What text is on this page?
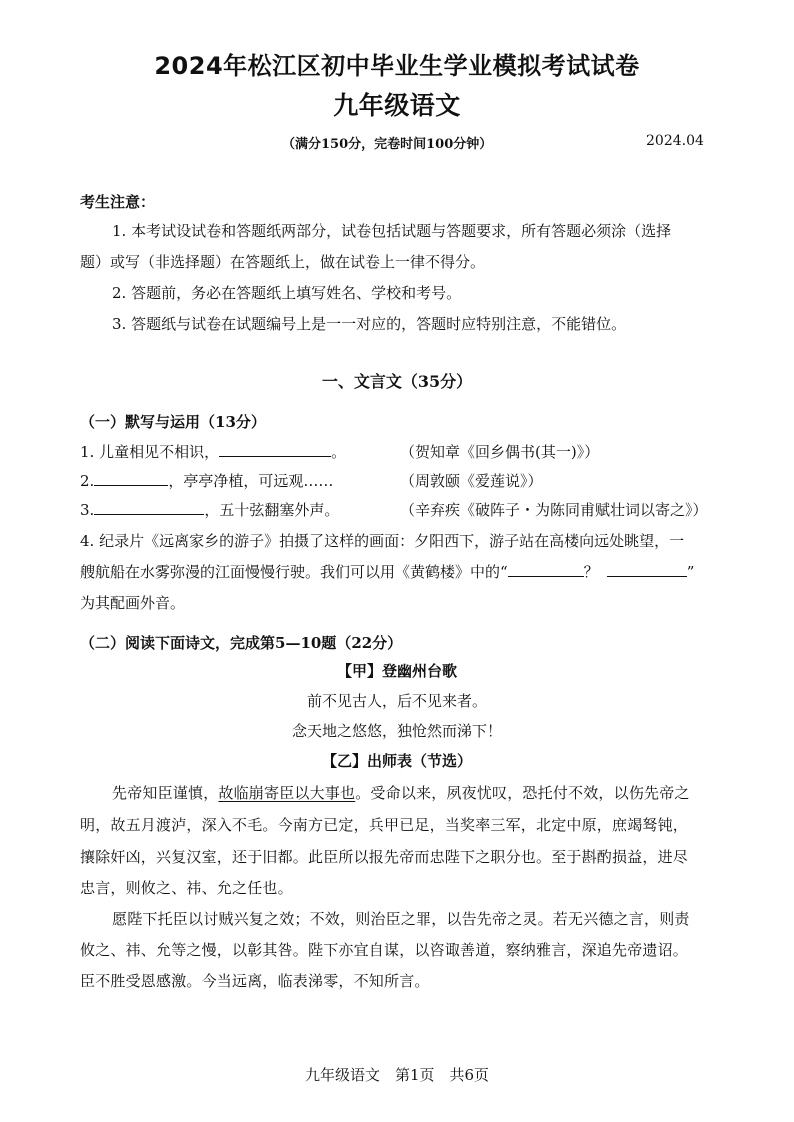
2024年松江区初中毕业生学业模拟考试试卷
九年级语文
（满分150分，完卷时间100分钟）	2024.04
考生注意：
1. 本考试设试卷和答题纸两部分，试卷包括试题与答题要求，所有答题必须涂（选择
题）或写（非选择题）在答题纸上，做在试卷上一律不得分。
2. 答题前，务必在答题纸上填写姓名、学校和考号。
3. 答题纸与试卷在试题编号上是一一对应的，答题时应特别注意，不能错位。
一、文言文（35分）
（一）默写与运用（13分）
1. 儿童相见不相识，	。	（贺知章《回乡偶书(其一)》）
2.	，亭亭净植，可远观……	（周敦颐《爱莲说》）
3.	，五十弦翻塞外声。	（辛弃疾《破阵子・为陈同甫赋壮词以寄之》）
4. 纪录片《远离家乡的游子》拍摄了这样的画面：夕阳西下，游子站在高楼向远处眺望，一
艘航船在水雾弥漫的江面慢慢行驶。我们可以用《黄鹤楼》中的“	？	”
为其配画外音。
（二）阅读下面诗文，完成第5—10题（22分）
【甲】登幽州台歌
前不见古人，后不见来者。
念天地之悠悠，独怆然而涕下！
【乙】出师表（节选）
先帝知臣谨慎，故临崩寄臣以大事也。受命以来，夙夜忧叹，恐托付不效，以伤先帝之
明，故五月渡泸，深入不毛。今南方已定，兵甲已足，当奖率三军，北定中原，庶竭驽钝，
攘除奸凶，兴复汉室，还于旧都。此臣所以报先帝而忠陛下之职分也。至于斟酌损益，进尽
忠言，则攸之、祎、允之任也。
愿陛下托臣以讨贼兴复之效；不效，则治臣之罪，以告先帝之灵。若无兴德之言，则责
攸之、祎、允等之慢，以彰其咎。陛下亦宜自谋，以咨诹善道，察纳雅言，深追先帝遗诏。
臣不胜受恩感激。今当远离，临表涕零，不知所言。
九年级语文　第1页　共6页
